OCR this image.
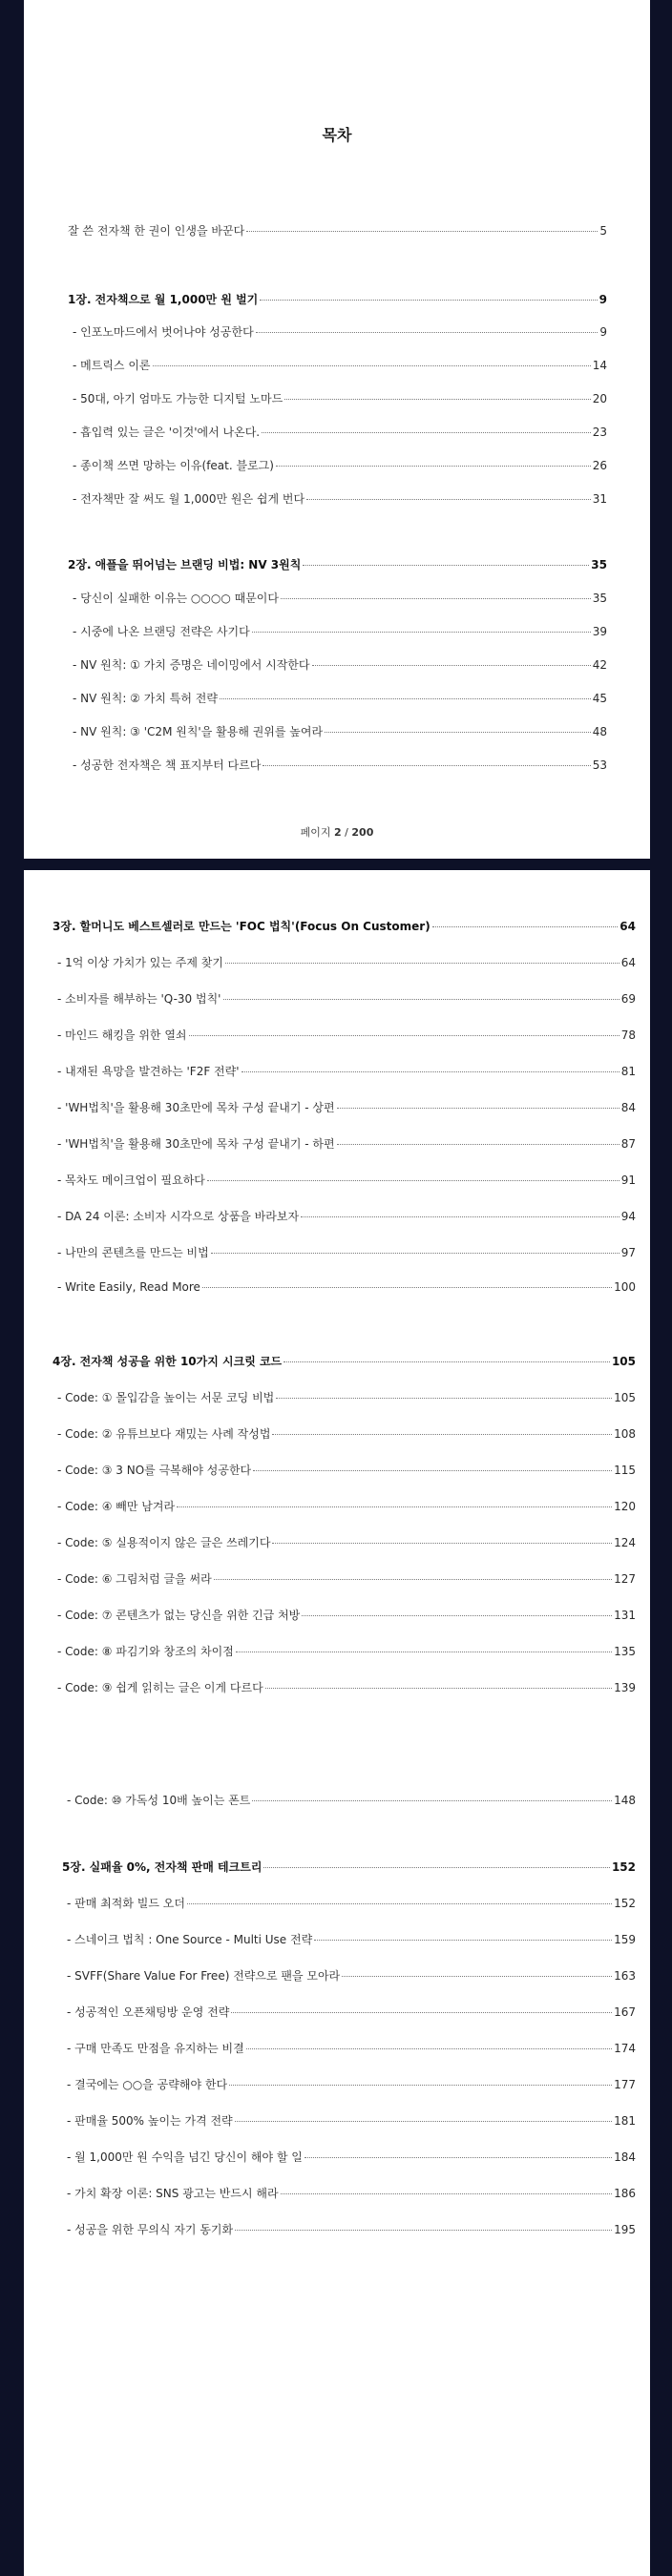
목차
잘 쓴 전자책 한 권이 인생을 바꾼다	5
1장. 전자책으로 월 1,000만 원 벌기	9
- 인포노마드에서 벗어나야 성공한다	9
- 메트릭스 이론	14
- 50대, 아기 엄마도 가능한 디지털 노마드	20
- 흡입력 있는 글은 '이것'에서 나온다.	23
- 종이책 쓰면 망하는 이유(feat. 블로그)	26
- 전자책만 잘 써도 월 1,000만 원은 쉽게 번다	31
2장. 애플을 뛰어넘는 브랜딩 비법: NV 3원칙	35
- 당신이 실패한 이유는 ○○○○ 때문이다	35
- 시중에 나온 브랜딩 전략은 사기다	39
- NV 원칙: ① 가치 증명은 네이밍에서 시작한다	42
- NV 원칙: ② 가치 특허 전략	45
- NV 원칙: ③ 'C2M 원칙'을 활용해 권위를 높여라	48
- 성공한 전자책은 책 표지부터 다르다	53
페이지 2 / 200
3장. 할머니도 베스트셀러로 만드는 'FOC 법칙'(Focus On Customer)	64
- 1억 이상 가치가 있는 주제 찾기	64
- 소비자를 해부하는 'Q-30 법칙'	69
- 마인드 해킹을 위한 열쇠	78
- 내재된 욕망을 발견하는 'F2F 전략'	81
- 'WH법칙'을 활용해 30초만에 목차 구성 끝내기 - 상편	84
- 'WH법칙'을 활용해 30초만에 목차 구성 끝내기 - 하편	87
- 목차도 메이크업이 필요하다	91
- DA 24 이론: 소비자 시각으로 상품을 바라보자	94
- 나만의 콘텐츠를 만드는 비법	97
- Write Easily, Read More	100
4장. 전자책 성공을 위한 10가지 시크릿 코드	105
- Code: ① 몰입감을 높이는 서문 코딩 비법	105
- Code: ② 유튜브보다 재밌는 사례 작성법	108
- Code: ③ 3 NO를 극복해야 성공한다	115
- Code: ④ 빼만 남겨라	120
- Code: ⑤ 실용적이지 않은 글은 쓰레기다	124
- Code: ⑥ 그림처럼 글을 써라	127
- Code: ⑦ 콘텐츠가 없는 당신을 위한 긴급 처방	131
- Code: ⑧ 파김기와 창조의 차이점	135
- Code: ⑨ 쉽게 읽히는 글은 이게 다르다	139
- Code: ⑩ 가독성 10배 높이는 폰트	148
5장. 실패율 0%, 전자책 판매 테크트리	152
- 판매 최적화 빌드 오더	152
- 스네이크 법칙 : One Source - Multi Use 전략	159
- SVFF(Share Value For Free) 전략으로 팬을 모아라	163
- 성공적인 오픈채팅방 운영 전략	167
- 구매 만족도 만점을 유지하는 비결	174
- 결국에는 ○○을 공략해야 한다	177
- 판매율 500% 높이는 가격 전략	181
- 월 1,000만 원 수익을 넘긴 당신이 해야 할 일	184
- 가치 확장 이론: SNS 광고는 반드시 해라	186
- 성공을 위한 무의식 자기 동기화	195
